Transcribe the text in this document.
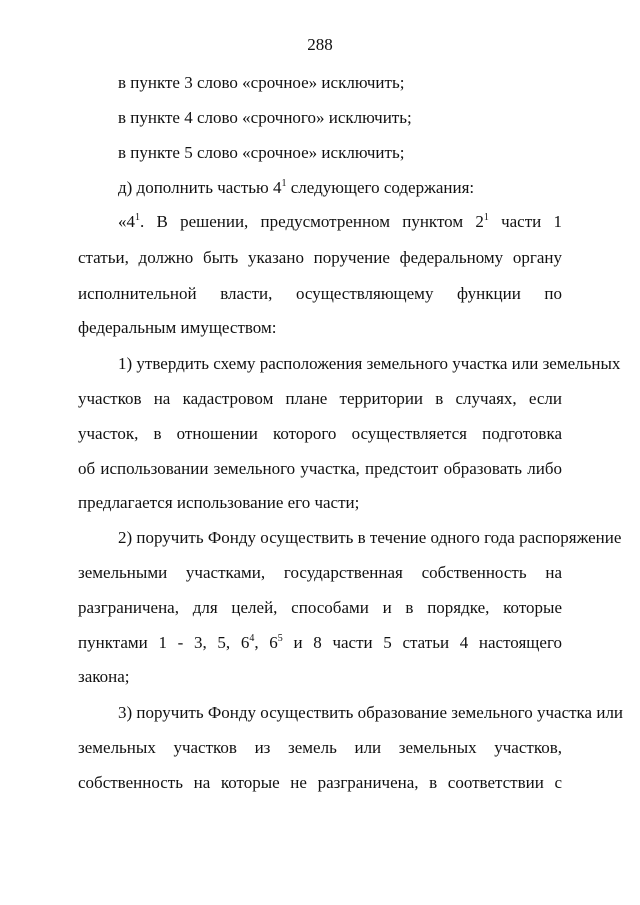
288
в пункте 3 слово «срочное» исключить;
в пункте 4 слово «срочного» исключить;
в пункте 5 слово «срочное» исключить;
д) дополнить частью $4^1$ следующего содержания:
«$4^1$. В решении, предусмотренном пунктом $2^1$ части 1
статьи, должно быть указано поручение федеральному органу
исполнительной власти, осуществляющему функции по
федеральным имуществом:
1) утвердить схему расположения земельного участка или земельных
участков на кадастровом плане территории в случаях, если
участок, в отношении которого осуществляется подготовка
об использовании земельного участка, предстоит образовать либо
предлагается использование его части;
2) поручить Фонду осуществить в течение одного года распоряжение
земельными участками, государственная собственность на
разграничена, для целей, способами и в порядке, которые
пунктами 1 - 3, 5, $6^4$, $6^5$ и 8 части 5 статьи 4 настоящего
закона;
3) поручить Фонду осуществить образование земельного участка или
земельных участков из земель или земельных участков,
собственность на которые не разграничена, в соответствии с
